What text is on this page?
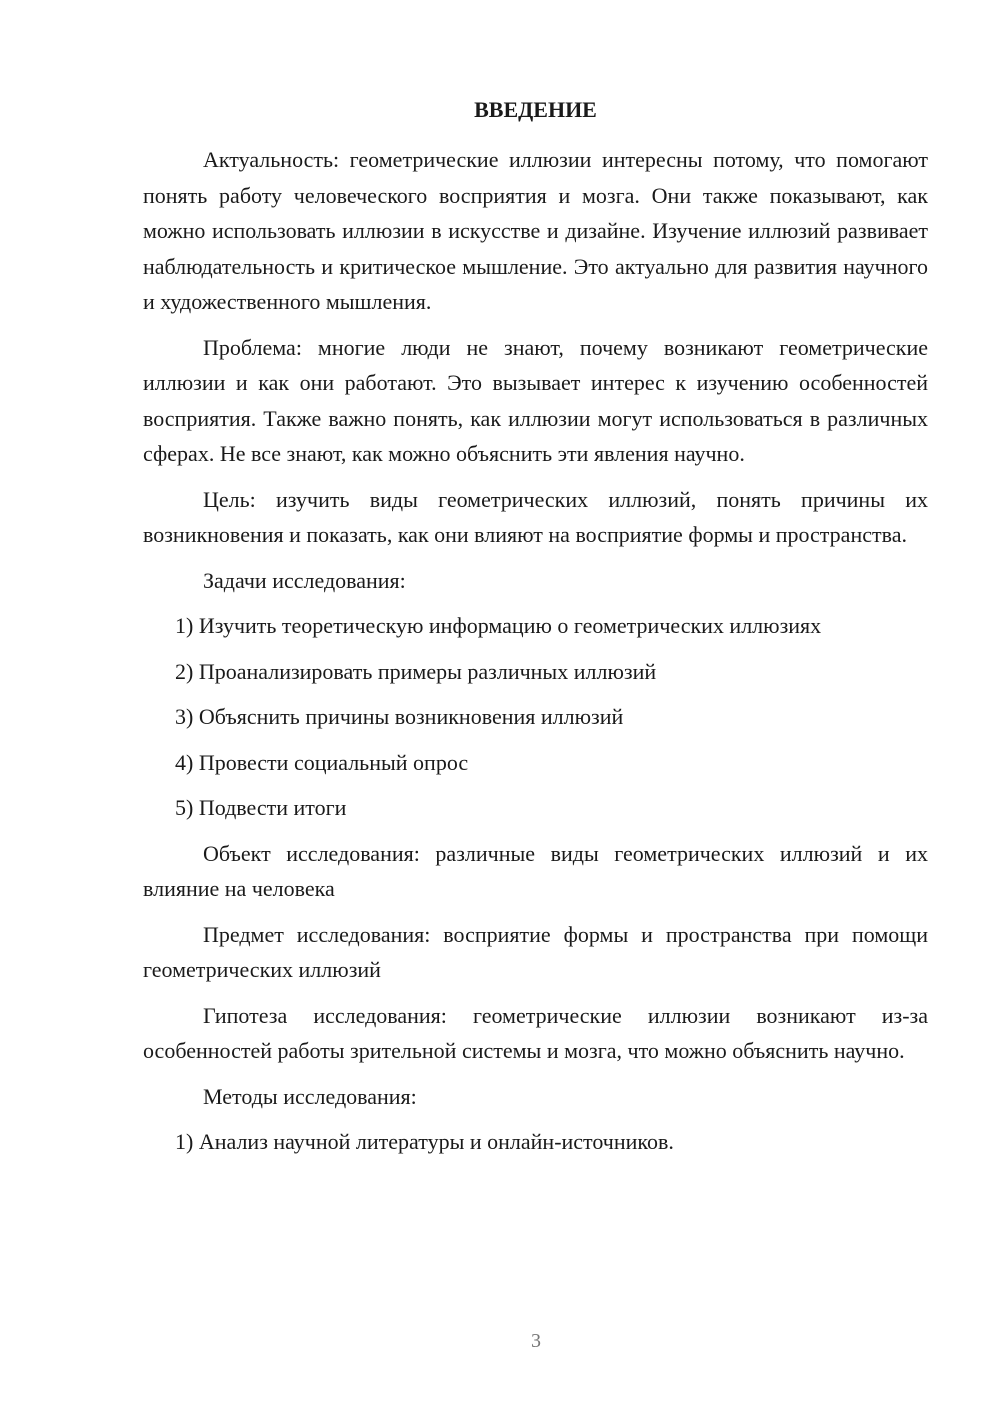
ВВЕДЕНИЕ

Актуальность: геометрические иллюзии интересны потому, что помогают понять работу человеческого восприятия и мозга. Они также показывают, как можно использовать иллюзии в искусстве и дизайне. Изучение иллюзий развивает наблюдательность и критическое мышление. Это актуально для развития научного и художественного мышления.

Проблема: многие люди не знают, почему возникают геометрические иллюзии и как они работают. Это вызывает интерес к изучению особенностей восприятия. Также важно понять, как иллюзии могут использоваться в различных сферах. Не все знают, как можно объяснить эти явления научно.

Цель: изучить виды геометрических иллюзий, понять причины их возникновения и показать, как они влияют на восприятие формы и пространства.

Задачи исследования:

1) Изучить теоретическую информацию о геометрических иллюзиях

2) Проанализировать примеры различных иллюзий

3) Объяснить причины возникновения иллюзий

4) Провести социальный опрос

5) Подвести итоги

Объект исследования: различные виды геометрических иллюзий и их влияние на человека

Предмет исследования: восприятие формы и пространства при помощи геометрических иллюзий

Гипотеза исследования: геометрические иллюзии возникают из-за особенностей работы зрительной системы и мозга, что можно объяснить научно.

Методы исследования:

1) Анализ научной литературы и онлайн-источников.

3
